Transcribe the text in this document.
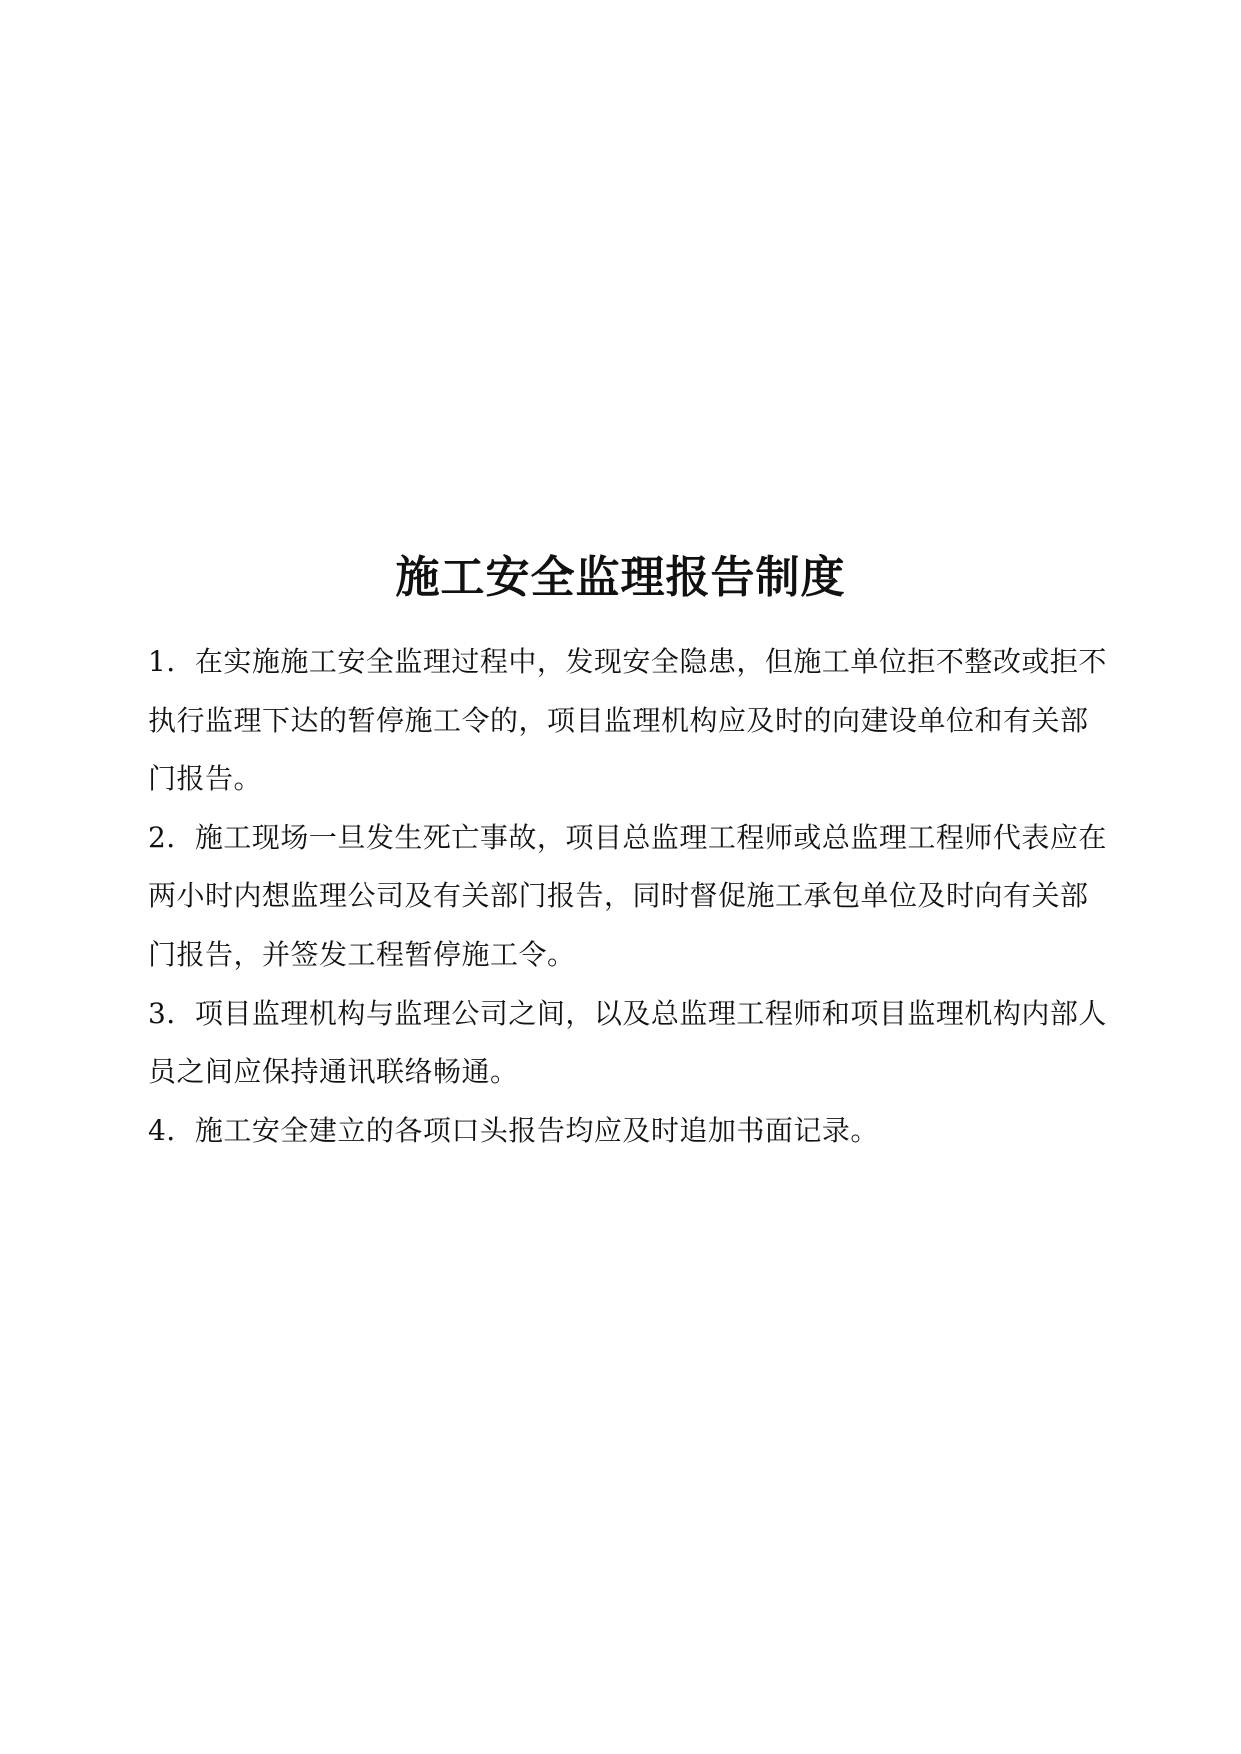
施工安全监理报告制度

1．在实施施工安全监理过程中，发现安全隐患，但施工单位拒不整改或拒不执行监理下达的暂停施工令的，项目监理机构应及时的向建设单位和有关部门报告。

2．施工现场一旦发生死亡事故，项目总监理工程师或总监理工程师代表应在两小时内想监理公司及有关部门报告，同时督促施工承包单位及时向有关部门报告，并签发工程暂停施工令。

3．项目监理机构与监理公司之间，以及总监理工程师和项目监理机构内部人员之间应保持通讯联络畅通。

4．施工安全建立的各项口头报告均应及时追加书面记录。
